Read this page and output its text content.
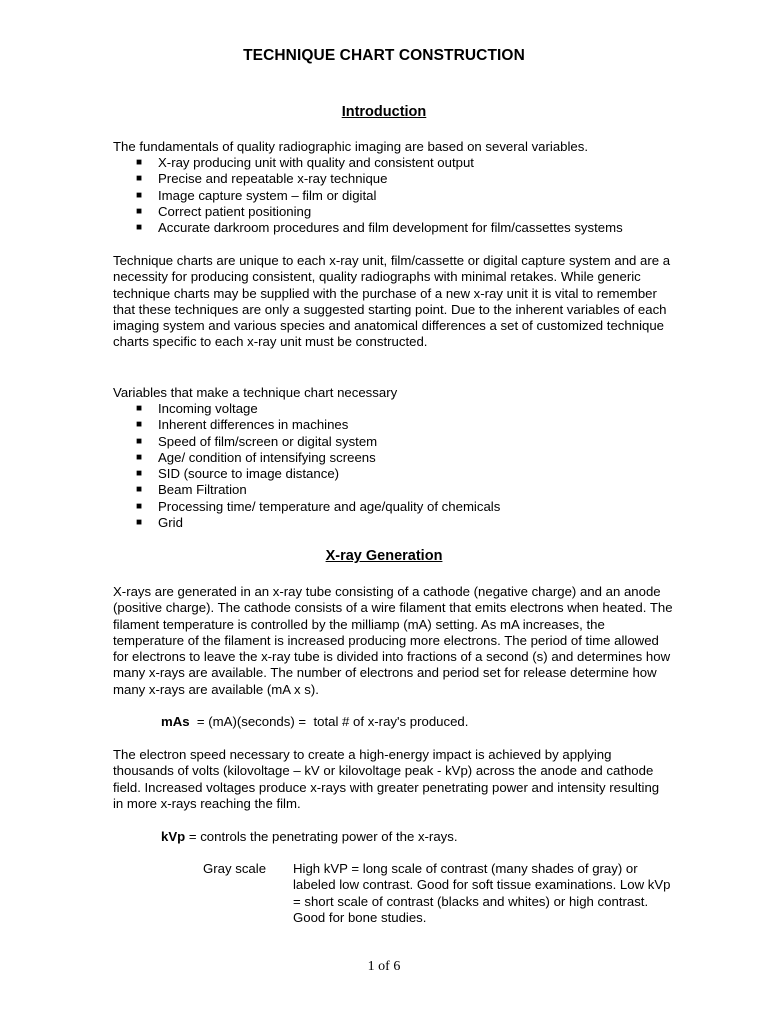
TECHNIQUE CHART CONSTRUCTION
Introduction
The fundamentals of quality radiographic imaging are based on several variables.
■ X-ray producing unit with quality and consistent output
■ Precise and repeatable x-ray technique
■ Image capture system – film or digital
■ Correct patient positioning
■ Accurate darkroom procedures and film development for film/cassettes systems
Technique charts are unique to each x-ray unit, film/cassette or digital capture system and are a necessity for producing consistent, quality radiographs with minimal retakes. While generic technique charts may be supplied with the purchase of a new x-ray unit it is vital to remember that these techniques are only a suggested starting point. Due to the inherent variables of each imaging system and various species and anatomical differences a set of customized technique charts specific to each x-ray unit must be constructed.
Variables that make a technique chart necessary
■ Incoming voltage
■ Inherent differences in machines
■ Speed of film/screen or digital system
■ Age/ condition of intensifying screens
■ SID (source to image distance)
■ Beam Filtration
■ Processing time/ temperature and age/quality of chemicals
■ Grid
X-ray Generation
X-rays are generated in an x-ray tube consisting of a cathode (negative charge) and an anode (positive charge). The cathode consists of a wire filament that emits electrons when heated. The filament temperature is controlled by the milliamp (mA) setting. As mA increases, the temperature of the filament is increased producing more electrons. The period of time allowed for electrons to leave the x-ray tube is divided into fractions of a second (s) and determines how many x-rays are available. The number of electrons and period set for release determine how many x-rays are available (mA x s).
mAs  = (mA)(seconds) =  total # of x-ray's produced.
The electron speed necessary to create a high-energy impact is achieved by applying thousands of volts (kilovoltage – kV or kilovoltage peak - kVp) across the anode and cathode field. Increased voltages produce x-rays with greater penetrating power and intensity resulting in more x-rays reaching the film.
kVp = controls the penetrating power of the x-rays.
Gray scale High kVP = long scale of contrast (many shades of gray) or labeled low contrast. Good for soft tissue examinations. Low kVp = short scale of contrast (blacks and whites) or high contrast. Good for bone studies.
1 of 6
